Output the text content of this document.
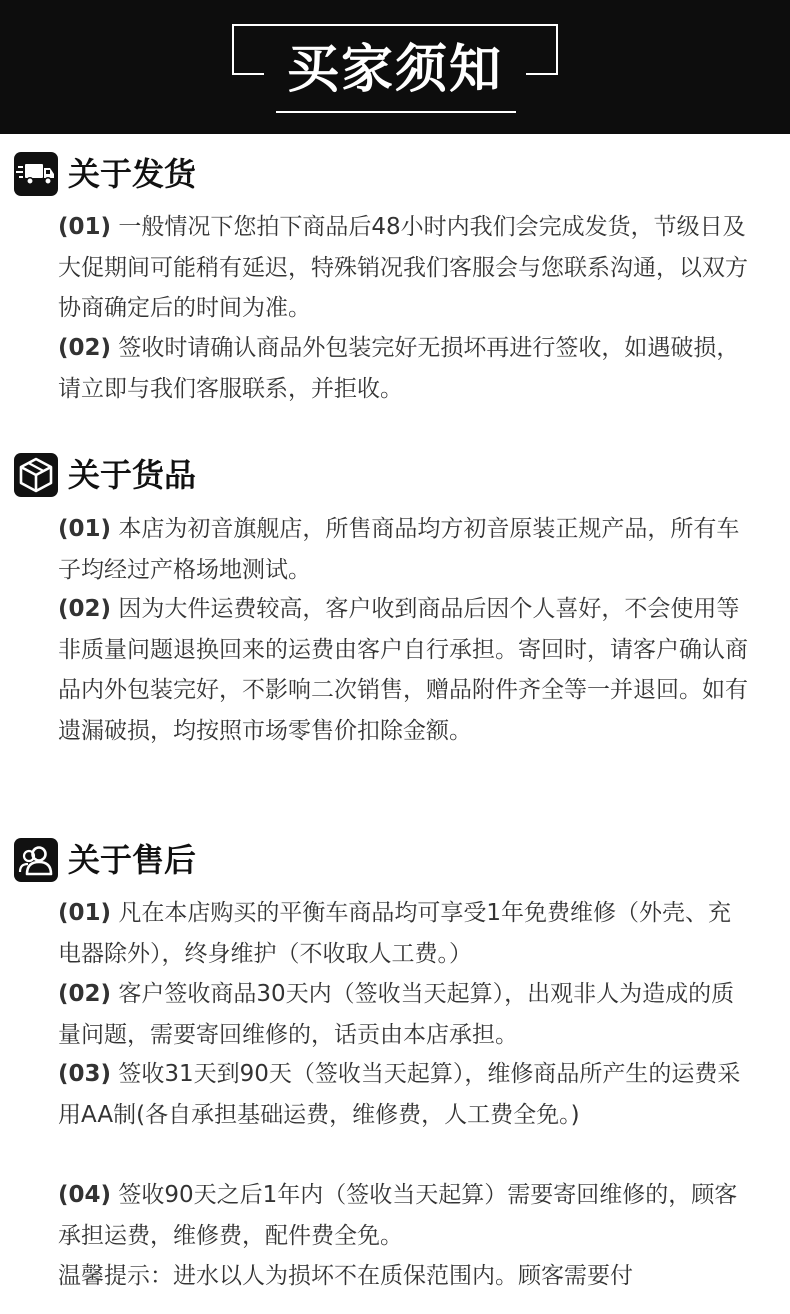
买家须知
关于发货
(01) 一般情况下您拍下商品后48小时内我们会完成发货，节级日及大促期间可能稍有延迟，特殊销况我们客服会与您联系沟通，以双方协商确定后的时间为准。
(02) 签收时请确认商品外包装完好无损坏再进行签收，如遇破损，请立即与我们客服联系，并拒收。
关于货品
(01) 本店为初音旗舰店，所售商品均方初音原装正规产品，所有车子均经过产格场地测试。
(02) 因为大件运费较高，客户收到商品后因个人喜好，不会使用等非质量问题退换回来的运费由客户自行承担。寄回时，请客户确认商品内外包装完好，不影响二次销售，赠品附件齐全等一并退回。如有遗漏破损，均按照市场零售价扣除金额。
关于售后
(01) 凡在本店购买的平衡车商品均可享受1年免费维修（外壳、充电器除外），终身维护（不收取人工费。）
(02) 客户签收商品30天内（签收当天起算），出观非人为造成的质量问题，需要寄回维修的，话贡由本店承担。
(03) 签收31天到90天（签收当天起算），维修商品所产生的运费采用AA制(各自承担基础运费，维修费，人工费全免。)
(04) 签收90天之后1年内（签收当天起算）需要寄回维修的，顾客承担运费，维修费，配件费全免。
温馨提示：进水以人为损坏不在质保范围内。顾客需要付
